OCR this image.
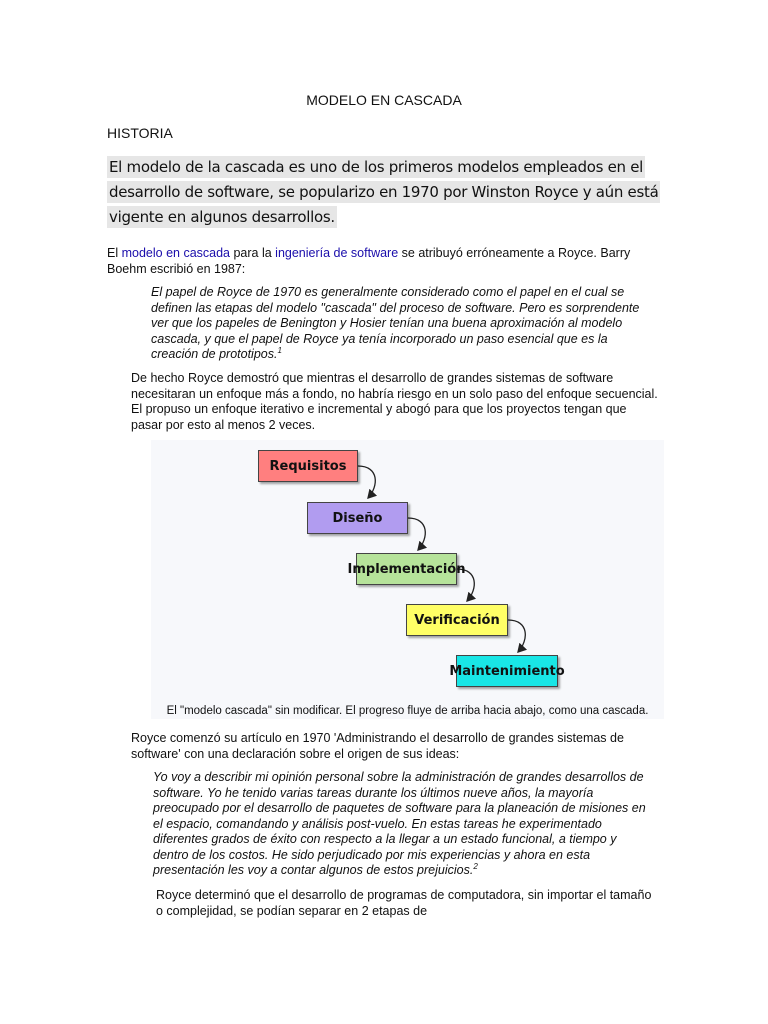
MODELO EN CASCADA
HISTORIA
El modelo de la cascada es uno de los primeros modelos empleados en el desarrollo de software, se popularizo en 1970 por Winston Royce y aún está vigente en algunos desarrollos.
El modelo en cascada para la ingeniería de software se atribuyó erróneamente a Royce. Barry Boehm escribió en 1987:
El papel de Royce de 1970 es generalmente considerado como el papel en el cual se definen las etapas del modelo "cascada" del proceso de software. Pero es sorprendente ver que los papeles de Benington y Hosier tenían una buena aproximación al modelo cascada, y que el papel de Royce ya tenía incorporado un paso esencial que es la creación de prototipos.$^1$
De hecho Royce demostró que mientras el desarrollo de grandes sistemas de software necesitaran un enfoque más a fondo, no habría riesgo en un solo paso del enfoque secuencial. El propuso un enfoque iterativo e incremental y abogó para que los proyectos tengan que pasar por esto al menos 2 veces.
Requisitos
Diseño
Implementación
Verificación
Maintenimiento
El "modelo cascada" sin modificar. El progreso fluye de arriba hacia abajo, como una cascada.
Royce comenzó su artículo en 1970 'Administrando el desarrollo de grandes sistemas de software' con una declaración sobre el origen de sus ideas:
Yo voy a describir mi opinión personal sobre la administración de grandes desarrollos de software. Yo he tenido varias tareas durante los últimos nueve años, la mayoría preocupado por el desarrollo de paquetes de software para la planeación de misiones en el espacio, comandando y análisis post-vuelo. En estas tareas he experimentado diferentes grados de éxito con respecto a la llegar a un estado funcional, a tiempo y dentro de los costos. He sido perjudicado por mis experiencias y ahora en esta presentación les voy a contar algunos de estos prejuicios.$^2$
Royce determinó que el desarrollo de programas de computadora, sin importar el tamaño o complejidad, se podían separar en 2 etapas de
